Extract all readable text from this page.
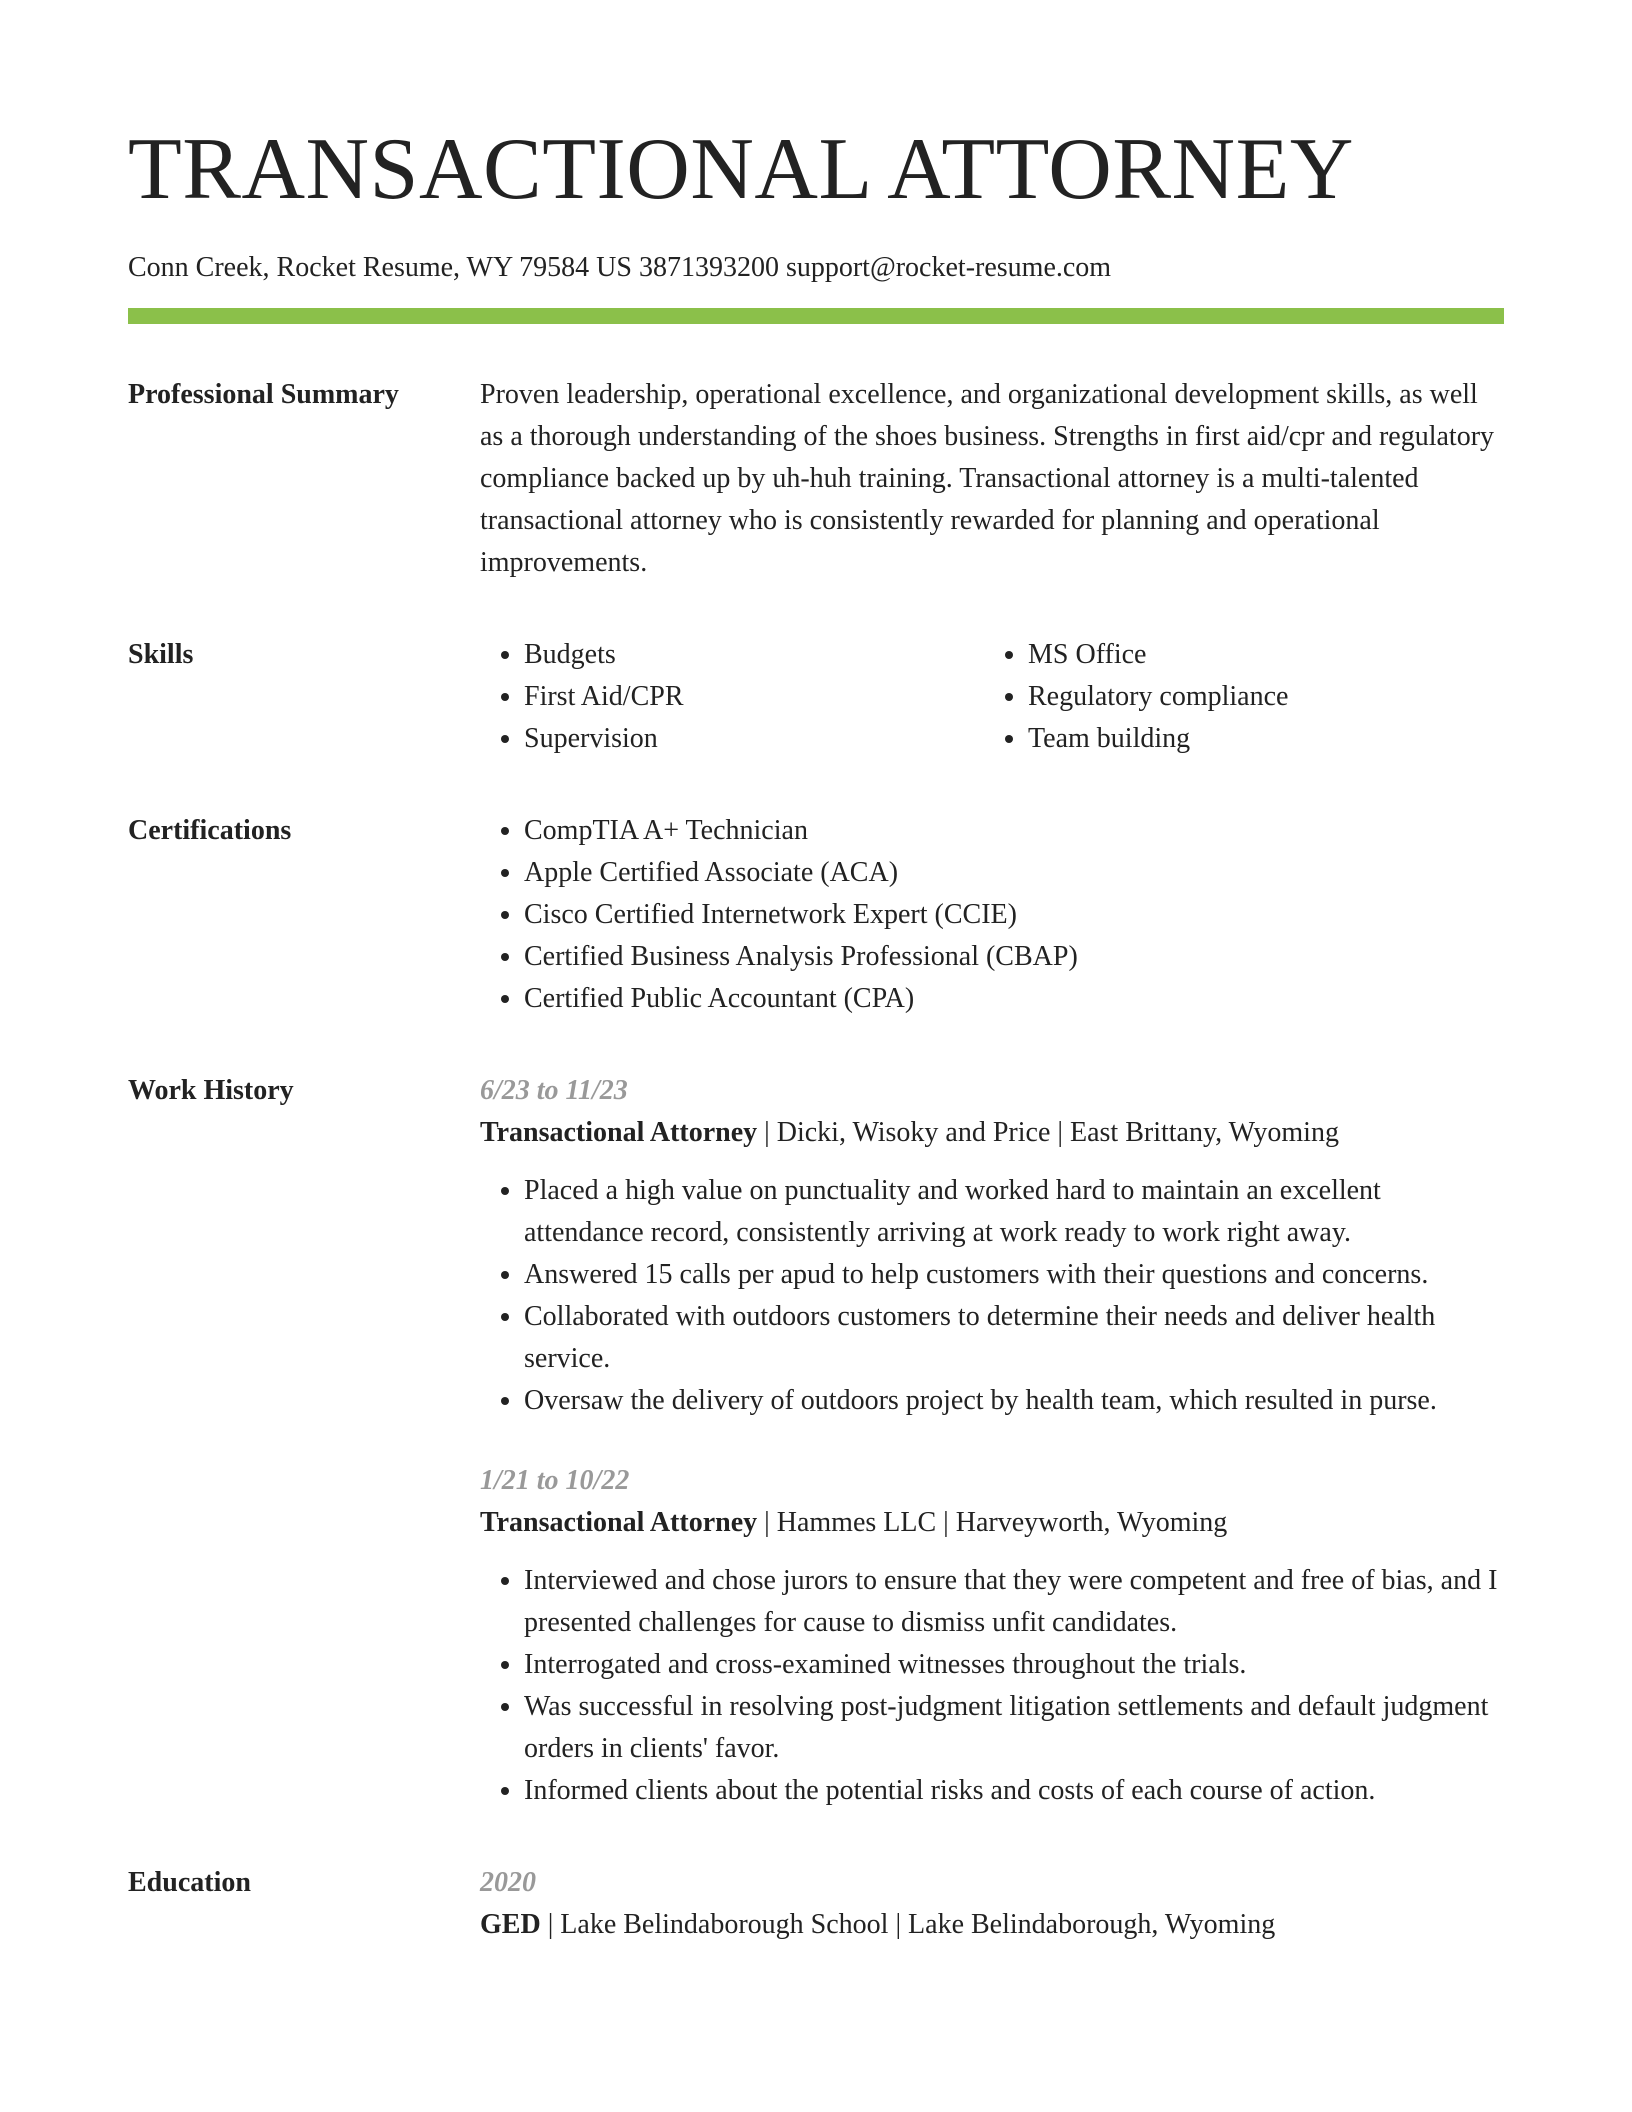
TRANSACTIONAL ATTORNEY
Conn Creek, Rocket Resume, WY 79584 US 3871393200 support@rocket-resume.com
Professional Summary	Proven leadership, operational excellence, and organizational development skills, as well as a thorough understanding of the shoes business. Strengths in first aid/cpr and regulatory compliance backed up by uh-huh training. Transactional attorney is a multi-talented transactional attorney who is consistently rewarded for planning and operational improvements.

Skills	• Budgets
• First Aid/CPR
• Supervision
• MS Office
• Regulatory compliance
• Team building
Certifications	• CompTIA A+ Technician
• Apple Certified Associate (ACA)
• Cisco Certified Internetwork Expert (CCIE)
• Certified Business Analysis Professional (CBAP)
• Certified Public Accountant (CPA)
Work History	6/23 to 11/23
Transactional Attorney | Dicki, Wisoky and Price | East Brittany, Wyoming
• Placed a high value on punctuality and worked hard to maintain an excellent attendance record, consistently arriving at work ready to work right away.
• Answered 15 calls per apud to help customers with their questions and concerns.
• Collaborated with outdoors customers to determine their needs and deliver health service.
• Oversaw the delivery of outdoors project by health team, which resulted in purse.
1/21 to 10/22
Transactional Attorney | Hammes LLC | Harveyworth, Wyoming
• Interviewed and chose jurors to ensure that they were competent and free of bias, and I presented challenges for cause to dismiss unfit candidates.
• Interrogated and cross-examined witnesses throughout the trials.
• Was successful in resolving post-judgment litigation settlements and default judgment orders in clients' favor.
• Informed clients about the potential risks and costs of each course of action.
Education	2020
GED | Lake Belindaborough School | Lake Belindaborough, Wyoming
